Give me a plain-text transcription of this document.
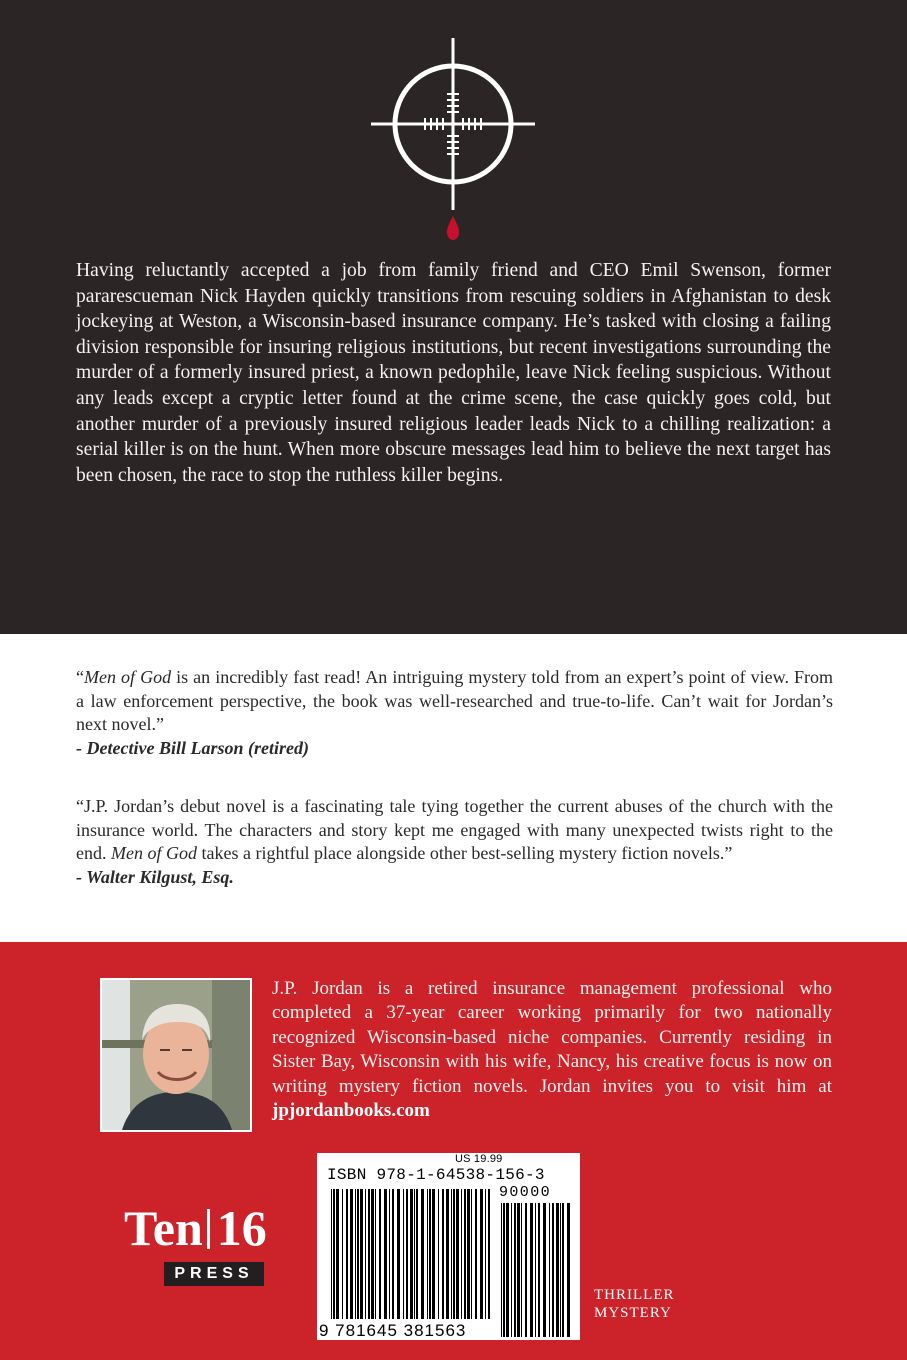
Having reluctantly accepted a job from family friend and CEO Emil Swenson, former pararescueman Nick Hayden quickly transitions from rescuing soldiers in Afghanistan to desk jockeying at Weston, a Wisconsin-based insurance company. He’s tasked with closing a failing division responsible for insuring religious institutions, but recent investigations surrounding the murder of a formerly insured priest, a known pedophile, leave Nick feeling suspicious. Without any leads except a cryptic letter found at the crime scene, the case quickly goes cold, but another murder of a previously insured religious leader leads Nick to a chilling realization: a serial killer is on the hunt. When more obscure messages lead him to believe the next target has been chosen, the race to stop the ruthless killer begins.

“Men of God is an incredibly fast read! An intriguing mystery told from an expert’s point of view. From a law enforcement perspective, the book was well-researched and true-to-life. Can’t wait for Jordan’s next novel.”
- Detective Bill Larson (retired)
“J.P. Jordan’s debut novel is a fascinating tale tying together the current abuses of the church with the insurance world. The characters and story kept me engaged with many unexpected twists right to the end. Men of God takes a rightful place alongside other best-selling mystery fiction novels.”
- Walter Kilgust, Esq.

J.P. Jordan is a retired insurance management professional who completed a 37-year career working primarily for two nationally recognized Wisconsin-based niche companies. Currently residing in Sister Bay, Wisconsin with his wife, Nancy, his creative focus is now on writing mystery fiction novels. Jordan invites you to visit him at jpjordanbooks.com

US 19.99
ISBN 978-1-64538-156-3
90000
9 781645 381563
Ten 16
PRESS
THRILLER
MYSTERY
